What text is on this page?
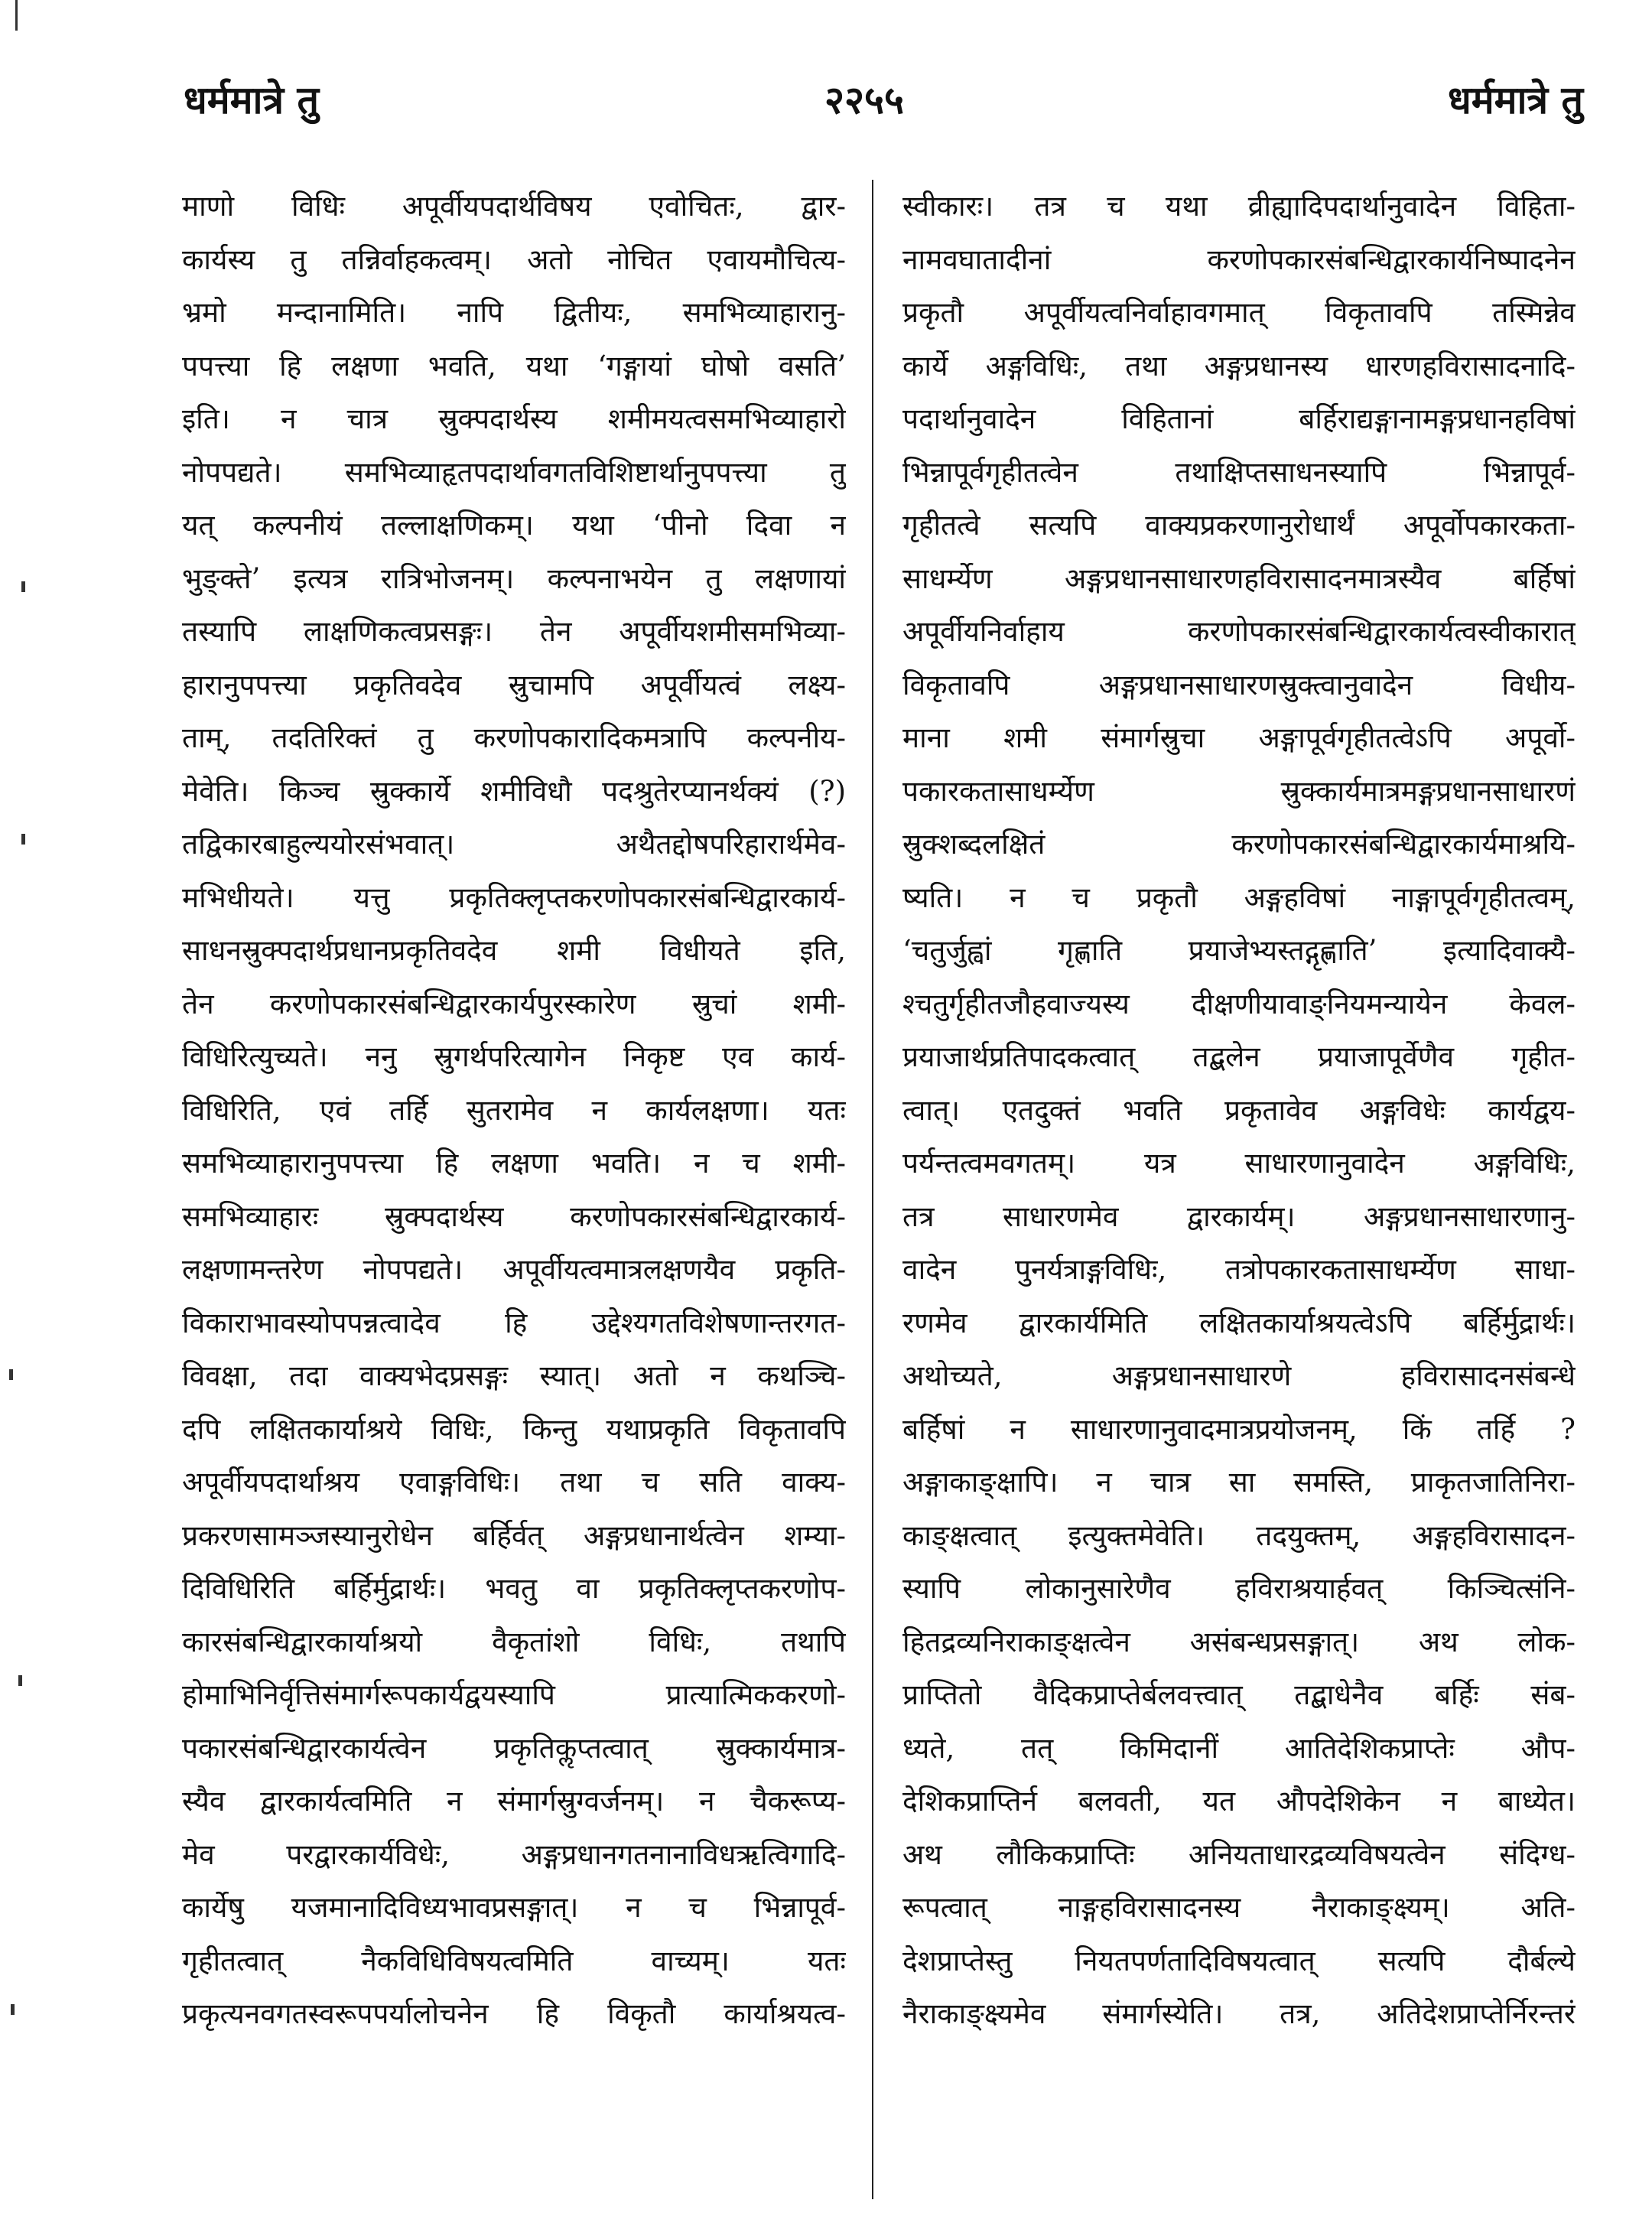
धर्ममात्रे तु	२२५५	धर्ममात्रे तु
माणो विधिः अपूर्वीयपदार्थविषय एवोचितः, द्वार-
कार्यस्य तु तन्निर्वाहकत्वम्। अतो नोचित एवायमौचित्य-
भ्रमो मन्दानामिति। नापि द्वितीयः, समभिव्याहारानु-
पपत्त्या हि लक्षणा भवति, यथा ‘गङ्गायां घोषो वसति’
इति। न चात्र स्रुक्पदार्थस्य शमीमयत्वसमभिव्याहारो
नोपपद्यते। समभिव्याहृतपदार्थावगतविशिष्टार्थानुपपत्त्या तु
यत् कल्पनीयं तल्लाक्षणिकम्। यथा ‘पीनो दिवा न
भुङ्क्ते’ इत्यत्र रात्रिभोजनम्। कल्पनाभयेन तु लक्षणायां
तस्यापि लाक्षणिकत्वप्रसङ्गः। तेन अपूर्वीयशमीसमभिव्या-
हारानुपपत्त्या प्रकृतिवदेव स्रुचामपि अपूर्वीयत्वं लक्ष्य-
ताम्, तदतिरिक्तं तु करणोपकारादिकमत्रापि कल्पनीय-
मेवेति। किञ्च स्रुक्कार्ये शमीविधौ पदश्रुतेरप्यानर्थक्यं (?)
तद्विकारबाहुल्ययोरसंभवात्। अथैतद्दोषपरिहारार्थमेव-
मभिधीयते। यत्तु प्रकृतिक्लृप्तकरणोपकारसंबन्धिद्वारकार्य-
साधनस्रुक्पदार्थप्रधानप्रकृतिवदेव शमी विधीयते इति,
तेन करणोपकारसंबन्धिद्वारकार्यपुरस्कारेण स्रुचां शमी-
विधिरित्युच्यते। ननु स्रुगर्थपरित्यागेन निकृष्ट एव कार्य-
विधिरिति, एवं तर्हि सुतरामेव न कार्यलक्षणा। यतः
समभिव्याहारानुपपत्त्या हि लक्षणा भवति। न च शमी-
समभिव्याहारः स्रुक्पदार्थस्य करणोपकारसंबन्धिद्वारकार्य-
लक्षणामन्तरेण नोपपद्यते। अपूर्वीयत्वमात्रलक्षणयैव प्रकृति-
विकाराभावस्योपपन्नत्वादेव हि उद्देश्यगतविशेषणान्तरगत-
विवक्षा, तदा वाक्यभेदप्रसङ्गः स्यात्। अतो न कथञ्चि-
दपि लक्षितकार्याश्रये विधिः, किन्तु यथाप्रकृति विकृतावपि
अपूर्वीयपदार्थाश्रय एवाङ्गविधिः। तथा च सति वाक्य-
प्रकरणसामञ्जस्यानुरोधेन बर्हिर्वत् अङ्गप्रधानार्थत्वेन शम्या-
दिविधिरिति बर्हिर्मुद्रार्थः। भवतु वा प्रकृतिक्लृप्तकरणोप-
कारसंबन्धिद्वारकार्याश्रयो वैकृतांशो विधिः, तथापि
होमाभिनिर्वृत्तिसंमार्गरूपकार्यद्वयस्यापि प्रात्यात्मिककरणो-
पकारसंबन्धिद्वारकार्यत्वेन प्रकृतिकॢप्तत्वात् स्रुक्कार्यमात्र-
स्यैव द्वारकार्यत्वमिति न संमार्गस्रुग्वर्जनम्। न चैकरूप्य-
मेव परद्वारकार्यविधेः, अङ्गप्रधानगतनानाविधऋत्विगादि-
कार्येषु यजमानादिविध्यभावप्रसङ्गात्। न च भिन्नापूर्व-
गृहीतत्वात् नैकविधिविषयत्वमिति वाच्यम्। यतः
प्रकृत्यनवगतस्वरूपपर्यालोचनेन हि विकृतौ कार्याश्रयत्व-
स्वीकारः। तत्र च यथा व्रीह्यादिपदार्थानुवादेन विहिता-
नामवघातादीनां करणोपकारसंबन्धिद्वारकार्यनिष्पादनेन
प्रकृतौ अपूर्वीयत्वनिर्वाहावगमात् विकृतावपि तस्मिन्नेव
कार्ये अङ्गविधिः, तथा अङ्गप्रधानस्य धारणहविरासादनादि-
पदार्थानुवादेन विहितानां बर्हिराद्यङ्गानामङ्गप्रधानहविषां
भिन्नापूर्वगृहीतत्वेन तथाक्षिप्तसाधनस्यापि भिन्नापूर्व-
गृहीतत्वे सत्यपि वाक्यप्रकरणानुरोधार्थं अपूर्वोपकारकता-
साधर्म्येण अङ्गप्रधानसाधारणहविरासादनमात्रस्यैव बर्हिषां
अपूर्वीयनिर्वाहाय करणोपकारसंबन्धिद्वारकार्यत्वस्वीकारात्
विकृतावपि अङ्गप्रधानसाधारणस्रुक्त्वानुवादेन विधीय-
माना शमी संमार्गस्रुचा अङ्गापूर्वगृहीतत्वेऽपि अपूर्वो-
पकारकतासाधर्म्येण स्रुक्कार्यमात्रमङ्गप्रधानसाधारणं
स्रुक्शब्दलक्षितं करणोपकारसंबन्धिद्वारकार्यमाश्रयि-
ष्यति। न च प्रकृतौ अङ्गहविषां नाङ्गापूर्वगृहीतत्वम्,
‘चतुर्जुह्वां गृह्णाति प्रयाजेभ्यस्तद्गृह्णाति’ इत्यादिवाक्यै-
श्चतुर्गृहीतजौहवाज्यस्य दीक्षणीयावाङ्नियमन्यायेन केवल-
प्रयाजार्थप्रतिपादकत्वात् तद्बलेन प्रयाजापूर्वेणैव गृहीत-
त्वात्। एतदुक्तं भवति प्रकृतावेव अङ्गविधेः कार्यद्वय-
पर्यन्तत्वमवगतम्। यत्र साधारणानुवादेन अङ्गविधिः,
तत्र साधारणमेव द्वारकार्यम्। अङ्गप्रधानसाधारणानु-
वादेन पुनर्यत्राङ्गविधिः, तत्रोपकारकतासाधर्म्येण साधा-
रणमेव द्वारकार्यमिति लक्षितकार्याश्रयत्वेऽपि बर्हिर्मुद्रार्थः।
अथोच्यते, अङ्गप्रधानसाधारणे हविरासादनसंबन्धे
बर्हिषां न साधारणानुवादमात्रप्रयोजनम्, किं तर्हि ?
अङ्गाकाङ्क्षापि। न चात्र सा समस्ति, प्राकृतजातिनिरा-
काङ्क्षत्वात् इत्युक्तमेवेति। तदयुक्तम्, अङ्गहविरासादन-
स्यापि लोकानुसारेणैव हविराश्रयार्हवत् किञ्चित्संनि-
हितद्रव्यनिराकाङ्क्षत्वेन असंबन्धप्रसङ्गात्। अथ लोक-
प्राप्तितो वैदिकप्राप्तेर्बलवत्त्वात् तद्बाधेनैव बर्हिः संब-
ध्यते, तत् किमिदानीं आतिदेशिकप्राप्तेः औप-
देशिकप्राप्तिर्न बलवती, यत औपदेशिकेन न बाध्येत।
अथ लौकिकप्राप्तिः अनियताधारद्रव्यविषयत्वेन संदिग्ध-
रूपत्वात् नाङ्गहविरासादनस्य नैराकाङ्क्ष्यम्। अति-
देशप्राप्तेस्तु नियतपर्णतादिविषयत्वात् सत्यपि दौर्बल्ये
नैराकाङ्क्ष्यमेव संमार्गस्येति। तत्र, अतिदेशप्राप्तेर्निरन्तरं
